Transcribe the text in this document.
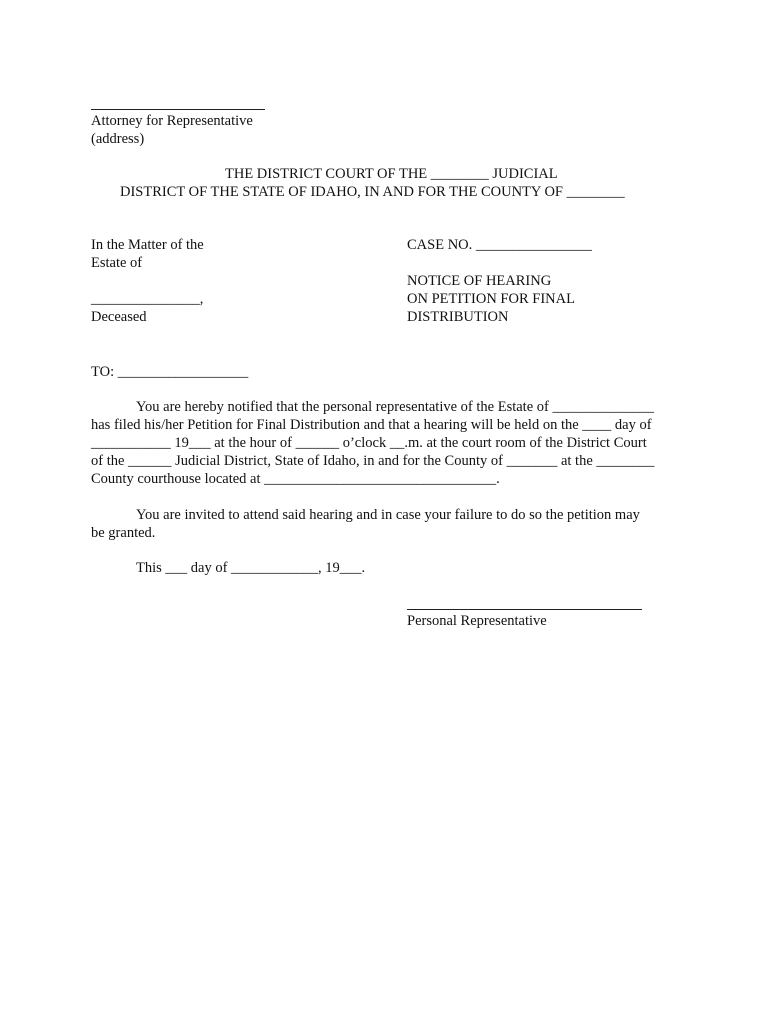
Attorney for Representative
(address)
THE DISTRICT COURT OF THE ________ JUDICIAL
DISTRICT OF THE STATE OF IDAHO, IN AND FOR THE COUNTY OF ________
In the Matter of the
Estate of
_______________,
Deceased
CASE NO. ________________
NOTICE OF HEARING
ON PETITION FOR FINAL
DISTRIBUTION
TO: __________________
You are hereby notified that the personal representative of the Estate of ______________
has filed his/her Petition for Final Distribution and that a hearing will be held on the ____ day of
___________ 19___ at the hour of ______ o’clock __.m. at the court room of the District Court
of the ______ Judicial District, State of Idaho, in and for the County of _______ at the ________
County courthouse located at ________________________________.
You are invited to attend said hearing and in case your failure to do so the petition may
be granted.
This ___ day of ____________, 19___.
Personal Representative
